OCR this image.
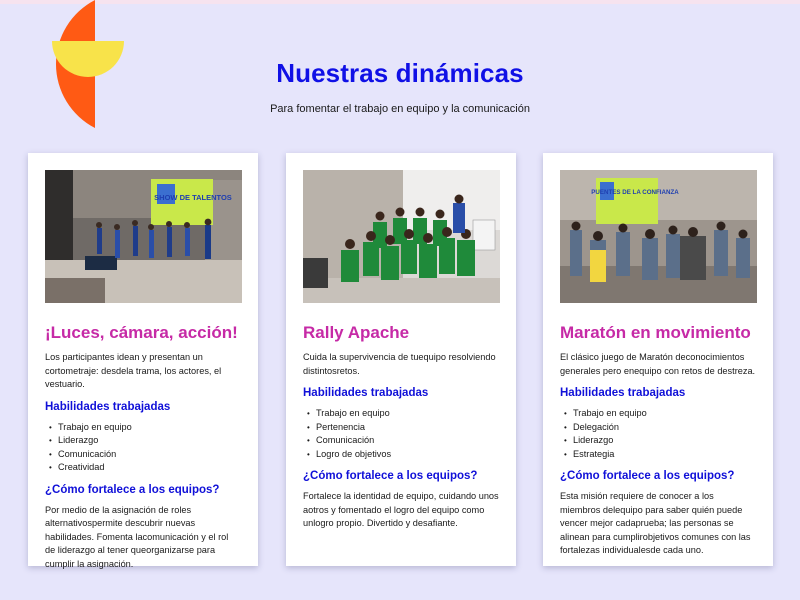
Nuestras dinámicas
Para fomentar el trabajo en equipo y la comunicación
SHOW DE TALENTOS
¡Luces, cámara, acción!
Los participantes idean y presentan un cortometraje: desdela trama, los actores, el vestuario.
Habilidades trabajadas
• Trabajo en equipo
• Liderazgo
• Comunicación
• Creatividad
¿Cómo fortalece a los equipos?
Por medio de la asignación de roles alternativospermite descubrir nuevas habilidades. Fomenta lacomunicación y el rol de liderazgo al tener queorganizarse para cumplir la asignación.
Rally Apache
Cuida la supervivencia de tuequipo resolviendo distintosretos.
Habilidades trabajadas
• Trabajo en equipo
• Pertenencia
• Comunicación
• Logro de objetivos
¿Cómo fortalece a los equipos?
Fortalece la identidad de equipo, cuidando unos aotros y fomentado el logro del equipo como unlogro propio. Divertido y desafiante.
PUENTES DE LA CONFIANZA
Maratón en movimiento
El clásico juego de Maratón deconocimientos generales pero enequipo con retos de destreza.
Habilidades trabajadas
• Trabajo en equipo
• Delegación
• Liderazgo
• Estrategia
¿Cómo fortalece a los equipos?
Esta misión requiere de conocer a los miembros delequipo para saber quién puede vencer mejor cadaprueba; las personas se alinean para cumplirobjetivos comunes con las fortalezas individualesde cada uno.
